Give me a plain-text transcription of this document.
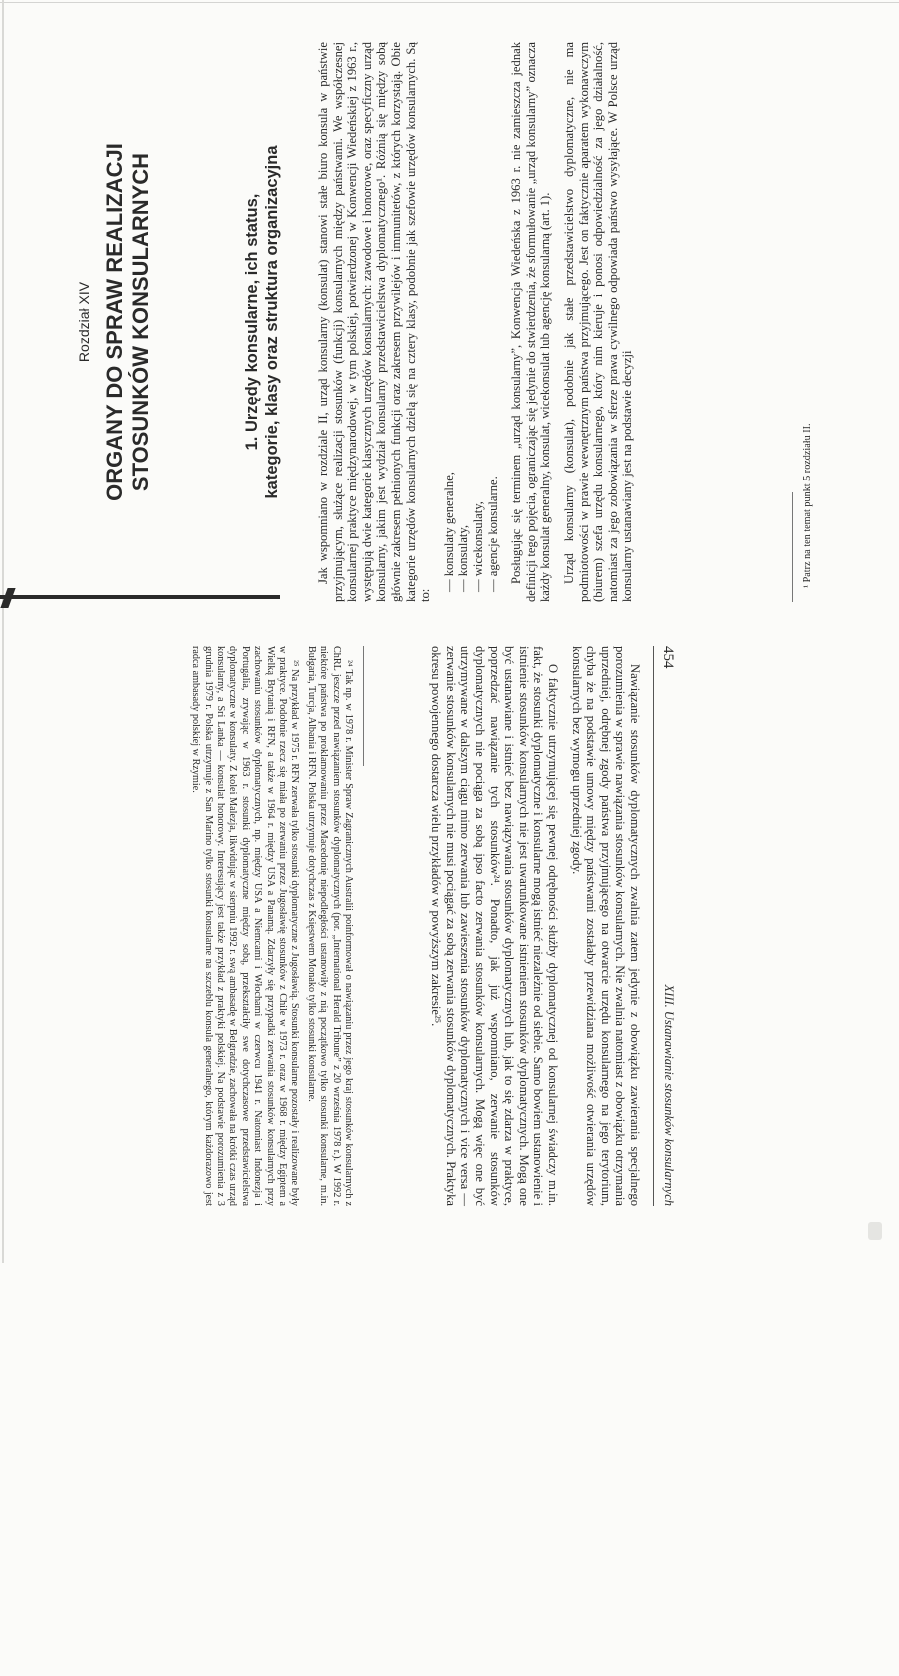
Rozdział XIV ORGANY DO SPRAW REALIZACJI STOSUNKÓW KONSULARNYCH	1. Urzędy konsularne, ich status, kategorie, klasy oraz struktura organizacyjna	Jak wspomniano w rozdziale II, urząd konsularny (konsulat) stanowi stałe biuro konsula w państwie przyjmującym, służące realizacji stosunków (funkcji) konsularnych między państwami. We współczesnej konsularnej praktyce międzynarodowej, w tym polskiej, potwierdzonej w Konwencji Wiedeńskiej z 1963 r., występują dwie kategorie klasycznych urzędów konsularnych: zawodowe i honorowe, oraz specyficzny urząd konsularny, jakim jest wydział konsularny przedstawicielstwa dyplomatycznego¹. Różnią się między sobą głównie zakresem pełnionych funkcji oraz zakresem przywilejów i immunitetów, z których korzystają. Obie kategorie urzędów konsularnych dzielą się na cztery klasy, podobnie jak szefowie urzędów konsularnych. Są to:

— konsulaty generalne, — konsulaty, — wicekonsulaty, — agencje konsularne. Posługując się terminem „urząd konsularny”, Konwencja Wiedeńska z 1963 r. nie zamieszcza jednak definicji tego pojęcia, ograniczając się jedynie do stwierdzenia, że sformułowanie „urząd konsularny” oznacza każdy konsulat generalny, konsulat, wicekonsulat lub agencję konsularną (art. 1). Urząd konsularny (konsulat), podobnie jak stałe przedstawicielstwo dyplomatyczne, nie ma podmiotowości w prawie wewnętrznym państwa przyjmującego. Jest on faktycznie aparatem wykonawczym (biurem) szefa urzędu konsularnego, który nim kieruje i ponosi odpowiedzialność za jego działalność, natomiast za jego zobowiązania w sferze prawa cywilnego odpowiada państwo wysyłające. W Polsce urząd konsularny ustanawiany jest na podstawie decyzji	¹ Patrz na ten temat punkt 5 rozdziału II.

454
XIII. Ustanawianie stosunków konsularnych

Nawiązanie stosunków dyplomatycznych zwalnia zatem jedynie z obowiązku zawierania specjalnego porozumienia w sprawie nawiązania stosunków konsularnych. Nie zwalnia natomiast z obowiązku otrzymania uprzedniej, odrębnej zgody państwa przyjmującego na otwarcie urzędu konsularnego na jego terytorium, chyba że na podstawie umowy między państwami zostałaby przewidziana możliwość otwierania urzędów konsularnych bez wymogu uprzedniej zgody.

O faktycznie utrzymującej się pewnej odrębności służby dyplomatycznej od konsularnej świadczy m.in. fakt, że stosunki dyplomatyczne i konsularne mogą istnieć niezależnie od siebie. Samo bowiem ustanowienie i istnienie stosunków konsularnych nie jest uwarunkowane istnieniem stosunków dyplomatycznych. Mogą one być ustanawiane i istnieć bez nawiązywania stosunków dyplomatycznych lub, jak to się zdarza w praktyce, poprzedzać nawiązanie tych stosunków²⁴. Ponadto, jak już wspomniano, zerwanie stosunków dyplomatycznych nie pociąga za sobą ipso facto zerwania stosunków konsularnych. Mogą więc one być utrzymywane w dalszym ciągu mimo zerwania lub zawieszenia stosunków dyplomatycznych i vice versa — zerwanie stosunków konsularnych nie musi pociągać za sobą zerwania stosunków dyplomatycznych. Praktyka okresu powojennego dostarcza wielu przykładów w powyższym zakresie²⁵.

²⁴ Tak np. w 1978 r. Minister Spraw Zagranicznych Australii poinformował o nawiązaniu przez jego kraj stosunków konsularnych z ChRL jeszcze przed nawiązaniem stosunków dyplomatycznych (por. „International Herald Tribune” z 20 września 1978 r.). W 1992 r. niektóre państwa po proklamowaniu przez Macedonię niepodległości ustanowiły z nią początkowo tylko stosunki konsularne, m.in. Bułgaria, Turcja, Albania i RFN. Polska utrzymuje dotychczas z Księstwem Monako tylko stosunki konsularne.

²⁵ Na przykład w 1975 r. RFN zerwała tylko stosunki dyplomatyczne z Jugosławią. Stosunki konsularne pozostały i realizowane były w praktyce. Podobnie rzecz się miała po zerwaniu przez Jugosławię stosunków z Chile w 1973 r. oraz w 1968 r. między Egiptem a Wielką Brytanią i RFN, a także w 1964 r. między USA a Panamą. Zdarzyły się przypadki zerwania stosunków konsularnych przy zachowaniu stosunków dyplomatycznych, np. między USA a Niemcami i Włochami w czerwcu 1941 r. Natomiast Indonezja i Portugalia, zrywając w 1963 r. stosunki dyplomatyczne między sobą, przekształciły swe dotychczasowe przedstawicielstwa dyplomatyczne w konsulaty. Z kolei Malezja, likwidując w sierpniu 1992 r. swą ambasadę w Belgradzie, zachowała na krótki czas urząd konsularny, a Sri Lanka — konsulat honorowy. Interesujący jest także przykład z praktyki polskiej. Na podstawie porozumienia z 3 grudnia 1979 r. Polska utrzymuje z San Marino tylko stosunki konsularne na szczeblu konsula generalnego, którym każdorazowo jest radca ambasady polskiej w Rzymie.
